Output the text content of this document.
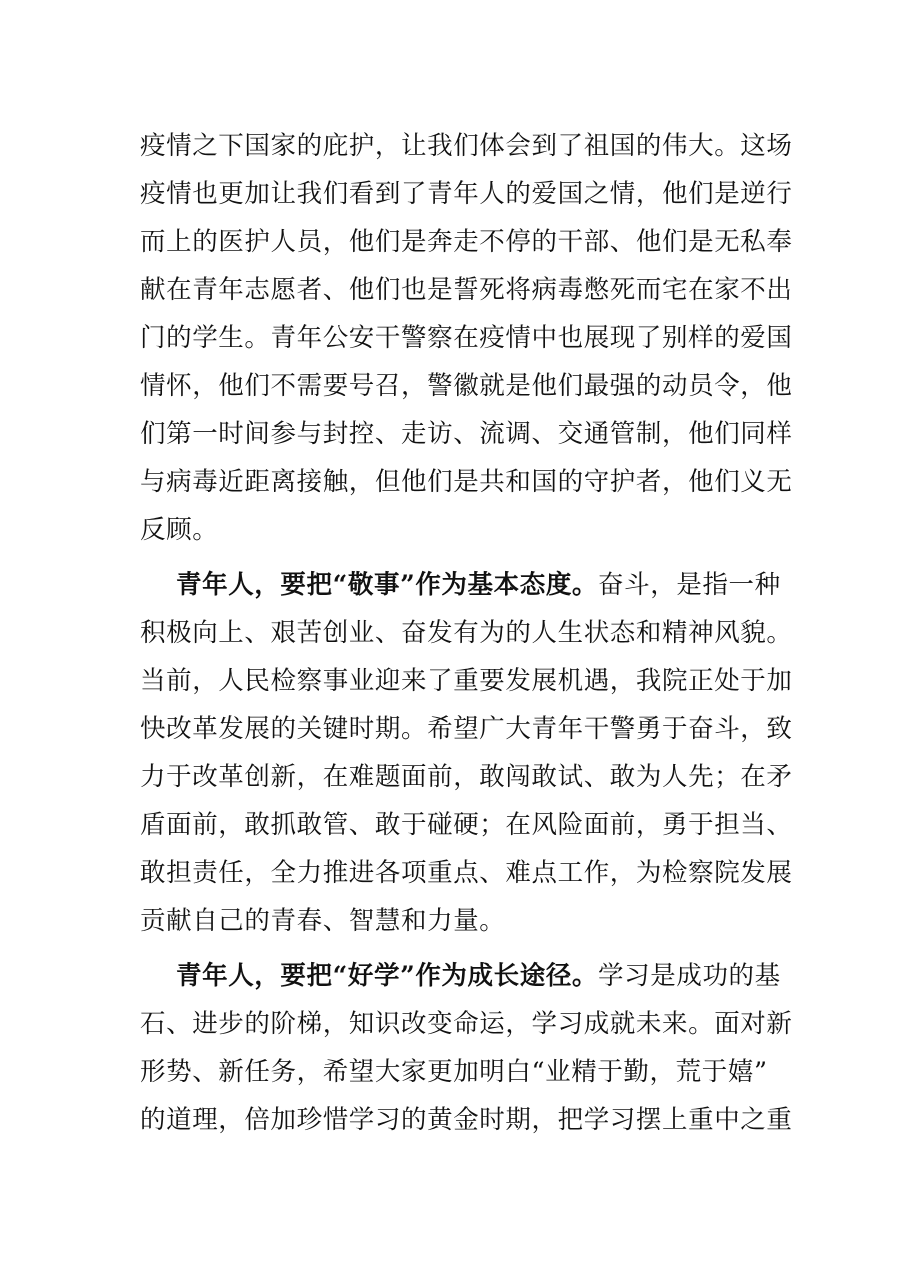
疫情之下国家的庇护，让我们体会到了祖国的伟大。这场
疫情也更加让我们看到了青年人的爱国之情，他们是逆行
而上的医护人员，他们是奔走不停的干部、他们是无私奉
献在青年志愿者、他们也是誓死将病毒憋死而宅在家不出
门的学生。青年公安干警察在疫情中也展现了别样的爱国
情怀，他们不需要号召，警徽就是他们最强的动员令，他
们第一时间参与封控、走访、流调、交通管制，他们同样
与病毒近距离接触，但他们是共和国的守护者，他们义无
反顾。
青年人，要把“敬事”作为基本态度。奋斗，是指一种
积极向上、艰苦创业、奋发有为的人生状态和精神风貌。
当前，人民检察事业迎来了重要发展机遇，我院正处于加
快改革发展的关键时期。希望广大青年干警勇于奋斗，致
力于改革创新，在难题面前，敢闯敢试、敢为人先；在矛
盾面前，敢抓敢管、敢于碰硬；在风险面前，勇于担当、
敢担责任，全力推进各项重点、难点工作，为检察院发展
贡献自己的青春、智慧和力量。
青年人，要把“好学”作为成长途径。学习是成功的基
石、进步的阶梯，知识改变命运，学习成就未来。面对新
形势、新任务，希望大家更加明白“业精于勤，荒于嬉”
的道理，倍加珍惜学习的黄金时期，把学习摆上重中之重
